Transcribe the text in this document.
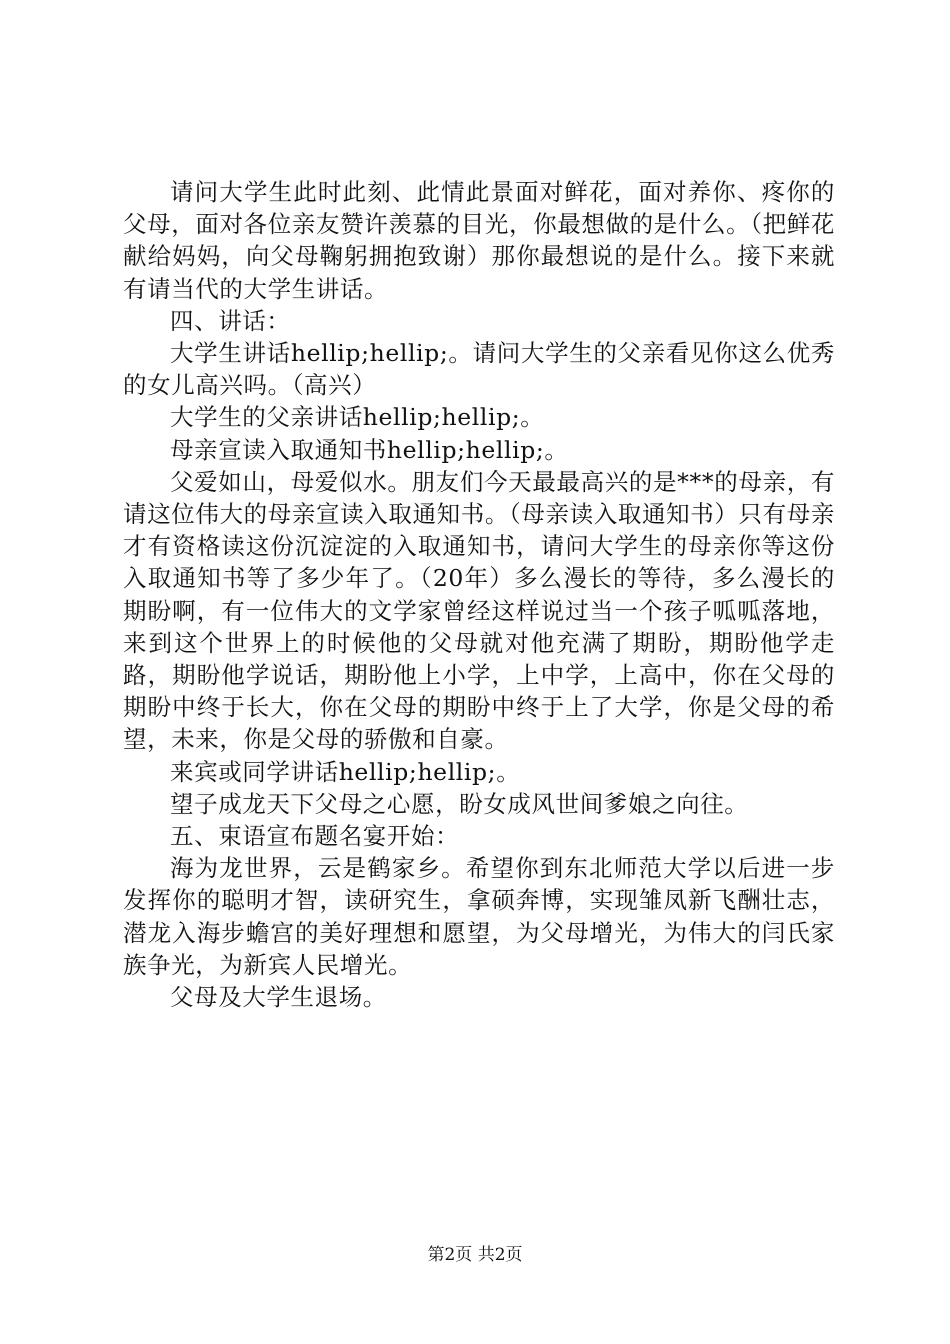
请问大学生此时此刻、此情此景面对鲜花，面对养你、疼你的父母，面对各位亲友赞许羡慕的目光，你最想做的是什么。（把鲜花献给妈妈，向父母鞠躬拥抱致谢）那你最想说的是什么。接下来就有请当代的大学生讲话。

四、讲话：

大学生讲话hellip;hellip;。请问大学生的父亲看见你这么优秀的女儿高兴吗。（高兴）

大学生的父亲讲话hellip;hellip;。

母亲宣读入取通知书hellip;hellip;。

父爱如山，母爱似水。朋友们今天最最高兴的是***的母亲，有请这位伟大的母亲宣读入取通知书。（母亲读入取通知书）只有母亲才有资格读这份沉淀淀的入取通知书，请问大学生的母亲你等这份入取通知书等了多少年了。（20年）多么漫长的等待，多么漫长的期盼啊，有一位伟大的文学家曾经这样说过当一个孩子呱呱落地，来到这个世界上的时候他的父母就对他充满了期盼，期盼他学走路，期盼他学说话，期盼他上小学，上中学，上高中，你在父母的期盼中终于长大，你在父母的期盼中终于上了大学，你是父母的希望，未来，你是父母的骄傲和自豪。

来宾或同学讲话hellip;hellip;。

望子成龙天下父母之心愿，盼女成风世间爹娘之向往。

五、束语宣布题名宴开始：

海为龙世界，云是鹤家乡。希望你到东北师范大学以后进一步发挥你的聪明才智，读研究生，拿硕奔博，实现雏凤新飞酬壮志，潜龙入海步蟾宫的美好理想和愿望，为父母增光，为伟大的闫氏家族争光，为新宾人民增光。

父母及大学生退场。

第2页 共2页
